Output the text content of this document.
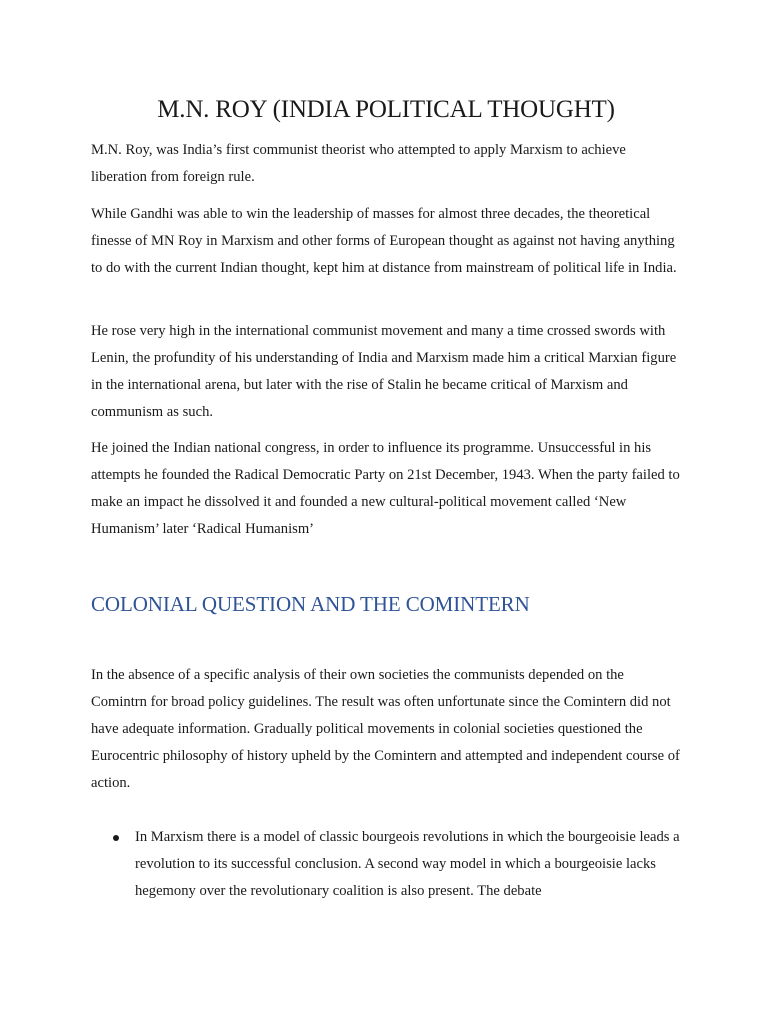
M.N. ROY (INDIA POLITICAL THOUGHT)

M.N. Roy, was India’s first communist theorist who attempted to apply Marxism to achieve liberation from foreign rule.

While Gandhi was able to win the leadership of masses for almost three decades, the theoretical finesse of MN Roy in Marxism and other forms of European thought as against not having anything to do with the current Indian thought, kept him at distance from mainstream of political life in India.

He rose very high in the international communist movement and many a time crossed swords with Lenin, the profundity of his understanding of India and Marxism made him a critical Marxian figure in the international arena, but later with the rise of Stalin he became critical of Marxism and communism as such.

He joined the Indian national congress, in order to influence its programme. Unsuccessful in his attempts he founded the Radical Democratic Party on 21st December, 1943. When the party failed to make an impact he dissolved it and founded a new cultural-political movement called ‘New Humanism’ later ‘Radical Humanism’

COLONIAL QUESTION AND THE COMINTERN

In the absence of a specific analysis of their own societies the communists depended on the Comintrn for broad policy guidelines. The result was often unfortunate since the Comintern did not have adequate information. Gradually political movements in colonial societies questioned the Eurocentric philosophy of history upheld by the Comintern and attempted and independent course of action.

In Marxism there is a model of classic bourgeois revolutions in which the bourgeoisie leads a revolution to its successful conclusion. A second way model in which a bourgeoisie lacks hegemony over the revolutionary coalition is also present. The debate
